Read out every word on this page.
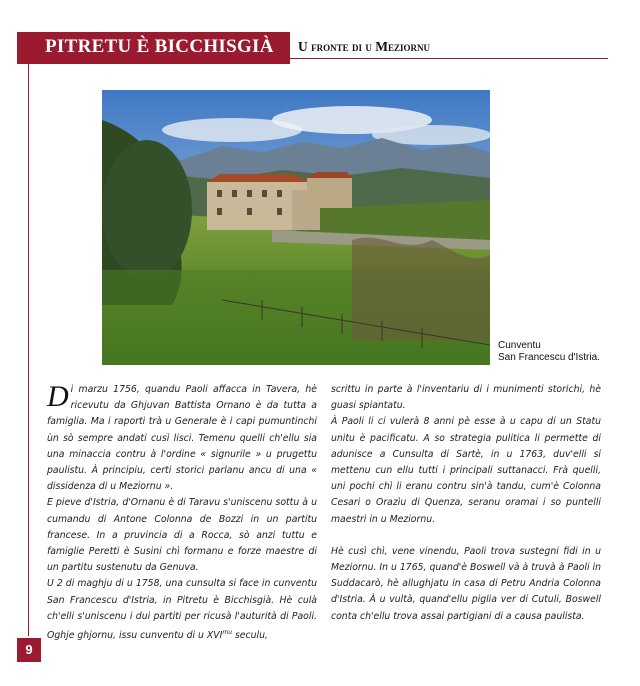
PITRETU È BICCHISGIÀ U fronte di u Meziornu
Cunventu
San Francescu d'Istria.

Di marzu 1756, quandu Paoli affacca in Tavera, hè ricevutu da Ghjuvan Battista Ornano è da tutta a famiglia. Ma i raporti trà u Generale è i capi pumuntinchi ùn sò sempre andati cusì lisci. Temenu quelli ch'ellu sia una minaccia contru à l'ordine « signurile » u prugettu paulistu. À principiu, certi storici parlanu ancu di una « dissidenza di u Meziornu ».

E pieve d'Istria, d'Ornanu è di Taravu s'uniscenu sottu à u cumandu di Antone Colonna de Bozzi in un partitu francese. In a pruvincia di a Rocca, sò anzi tuttu e famiglie Peretti è Susini chì formanu e forze maestre di un partitu sustenutu da Genuva.

U 2 di maghju di u 1758, una cunsulta si face in cunventu San Francescu d'Istria, in Pitretu è Bicchisgià. Hè culà ch'elli s'uniscenu i dui partiti per ricusà l'auturità di Paoli. Oghje ghjornu, issu cunventu di u $XVI^{mu}$ seculu,

scrittu in parte à l'inventariu di i munimenti storichi, hè guasi spiantatu.

À Paoli li ci vulerà 8 anni pè esse à u capu di un Statu unitu è pacificatu. A so strategia pulitica li permette di adunisce a Cunsulta di Sartè, in u 1763, duv'elli si mettenu cun ellu tutti i principali suttanacci. Frà quelli, uni pochi chì li eranu contru sin'à tandu, cum'è Colonna Cesari o Orazìu di Quenza, seranu oramai i so puntelli maestri in u Meziornu.

Hè cusì chì, vene vinendu, Paoli trova sustegni fidi in u Meziornu. In u 1765, quand'è Boswell và à truvà à Paoli in Suddacarò, hè allughjatu in casa di Petru Andria Colonna d'Istria. À u vultà, quand'ellu piglia ver di Cutuli, Boswell conta ch'ellu trova assai partigiani di a causa paulista.

9
